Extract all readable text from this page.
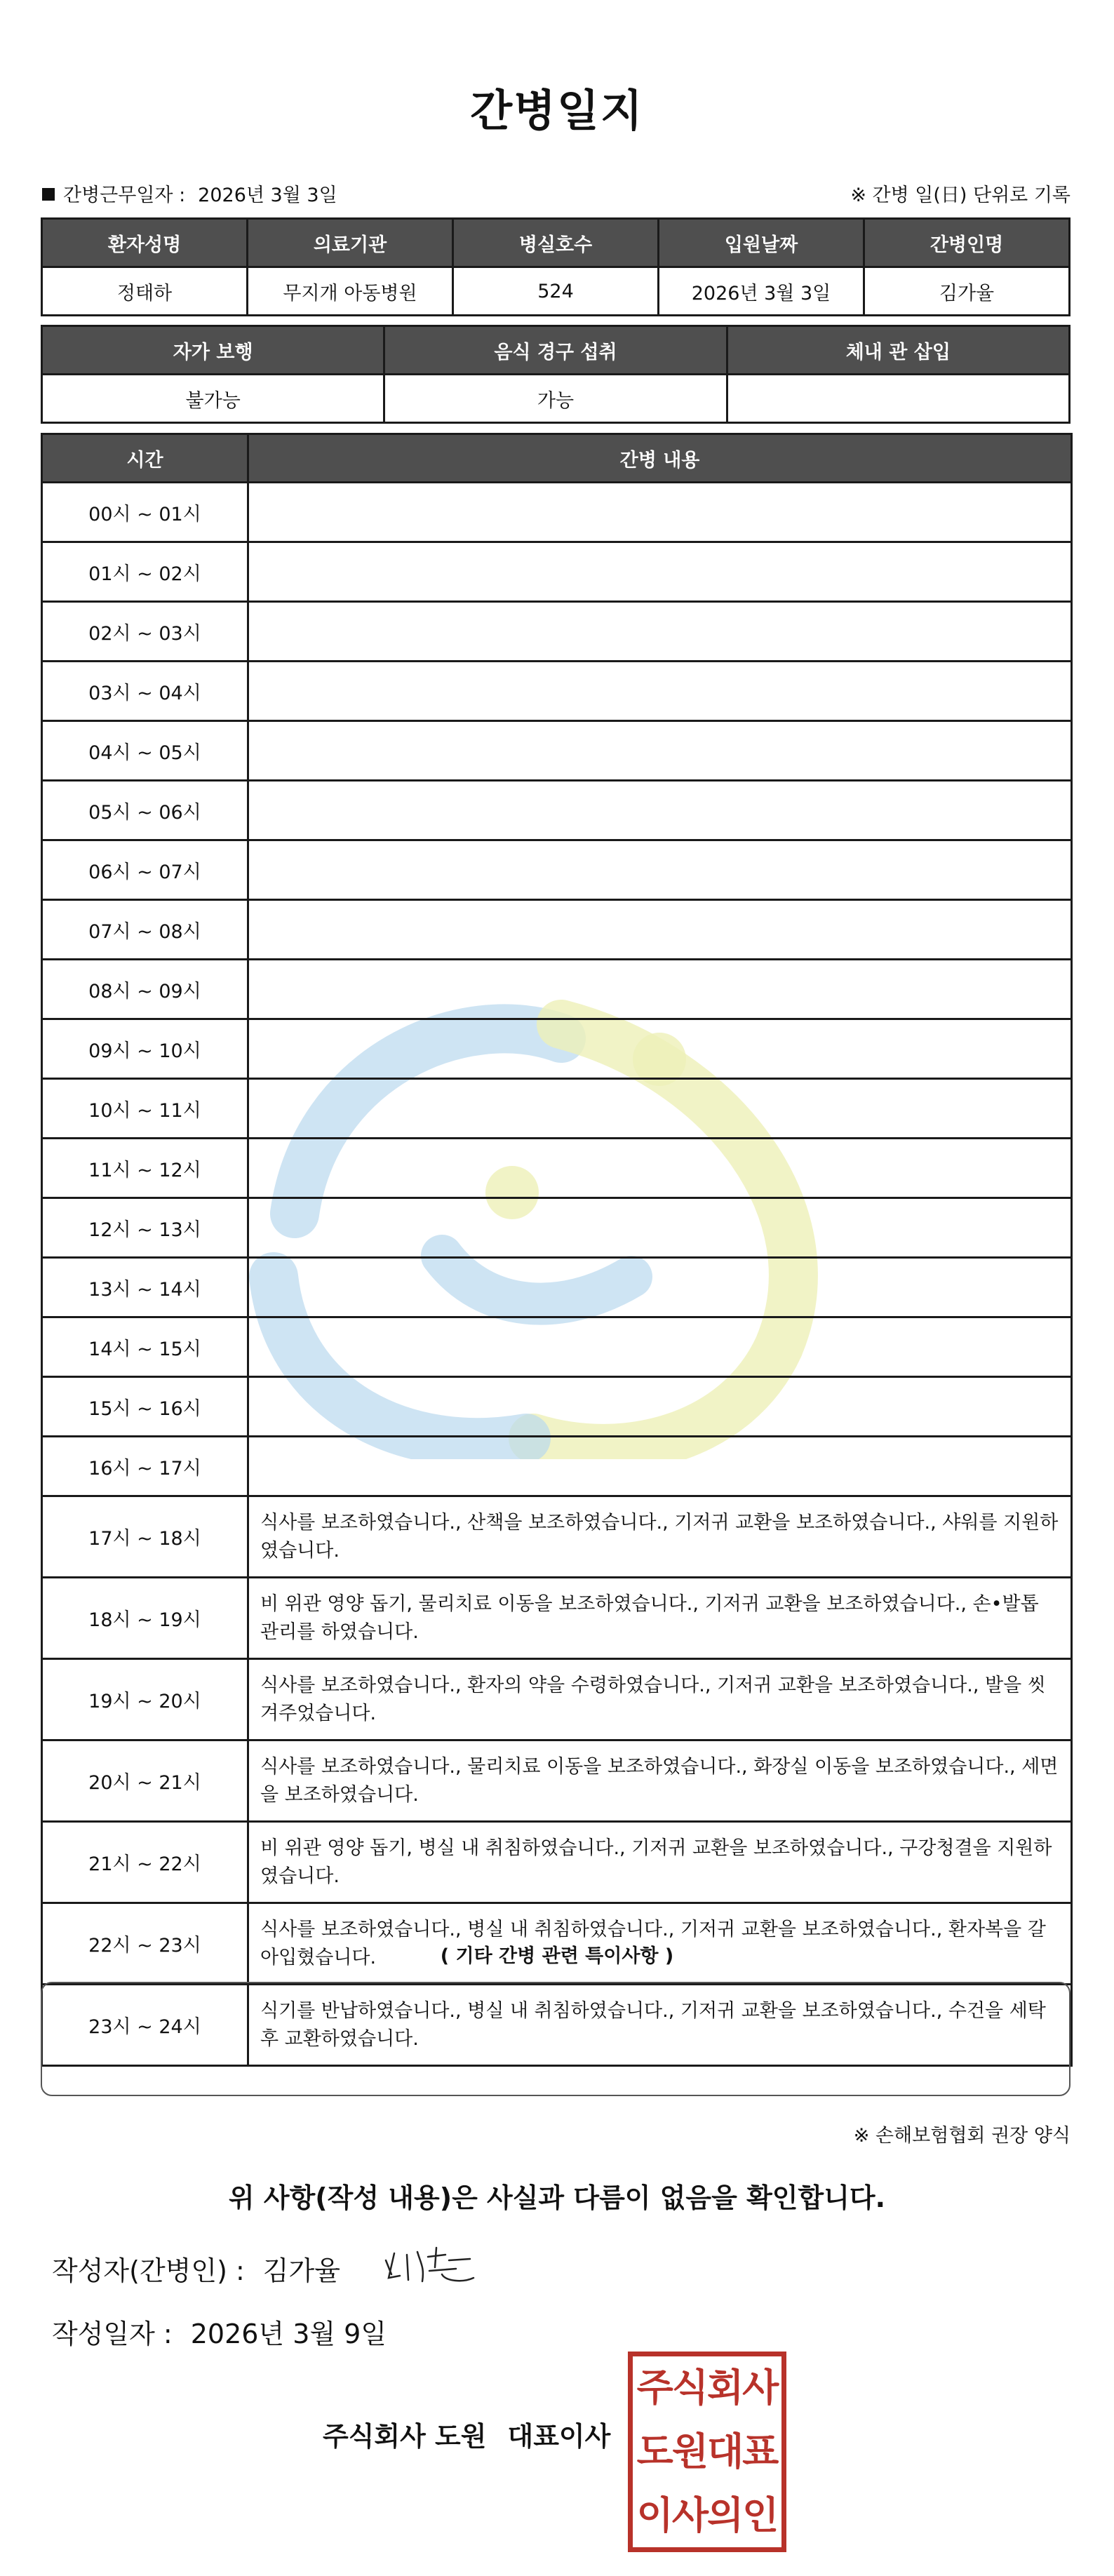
간병일지
간병근무일자 : 2026년 3월 3일	※ 간병 일(日) 단위로 기록
환자성명	의료기관	병실호수	입원날짜	간병인명
정태하	무지개 아동병원	524	2026년 3월 3일	김가율
자가 보행	음식 경구 섭취	체내 관 삽입
불가능	가능	
시간	간병 내용
00시 ~ 01시	
01시 ~ 02시	
02시 ~ 03시	
03시 ~ 04시	
04시 ~ 05시	
05시 ~ 06시	
06시 ~ 07시	
07시 ~ 08시	
08시 ~ 09시	
09시 ~ 10시	
10시 ~ 11시	
11시 ~ 12시	
12시 ~ 13시	
13시 ~ 14시	
14시 ~ 15시	
15시 ~ 16시	
16시 ~ 17시	
17시 ~ 18시	식사를 보조하였습니다., 산책을 보조하였습니다., 기저귀 교환을 보조하였습니다., 샤워를 지원하였습니다.
18시 ~ 19시	비 위관 영양 돕기, 물리치료 이동을 보조하였습니다., 기저귀 교환을 보조하였습니다., 손•발톱 관리를 하였습니다.
19시 ~ 20시	식사를 보조하였습니다., 환자의 약을 수령하였습니다., 기저귀 교환을 보조하였습니다., 발을 씻겨주었습니다.
20시 ~ 21시	식사를 보조하였습니다., 물리치료 이동을 보조하였습니다., 화장실 이동을 보조하였습니다., 세면을 보조하였습니다.
21시 ~ 22시	비 위관 영양 돕기, 병실 내 취침하였습니다., 기저귀 교환을 보조하였습니다., 구강청결을 지원하였습니다.
22시 ~ 23시	식사를 보조하였습니다., 병실 내 취침하였습니다., 기저귀 교환을 보조하였습니다., 환자복을 갈아입혔습니다.
23시 ~ 24시	식기를 반납하였습니다., 병실 내 취침하였습니다., 기저귀 교환을 보조하였습니다., 수건을 세탁 후 교환하였습니다.
( 기타 간병 관련 특이사항 )
※ 손해보험협회 권장 양식
위 사항(작성 내용)은 사실과 다름이 없음을 확인합니다.
작성자(간병인) : 김가율
작성일자 : 2026년 3월 9일
주식회사 도원 대표이사
주식회사
도원대표
이사의인
